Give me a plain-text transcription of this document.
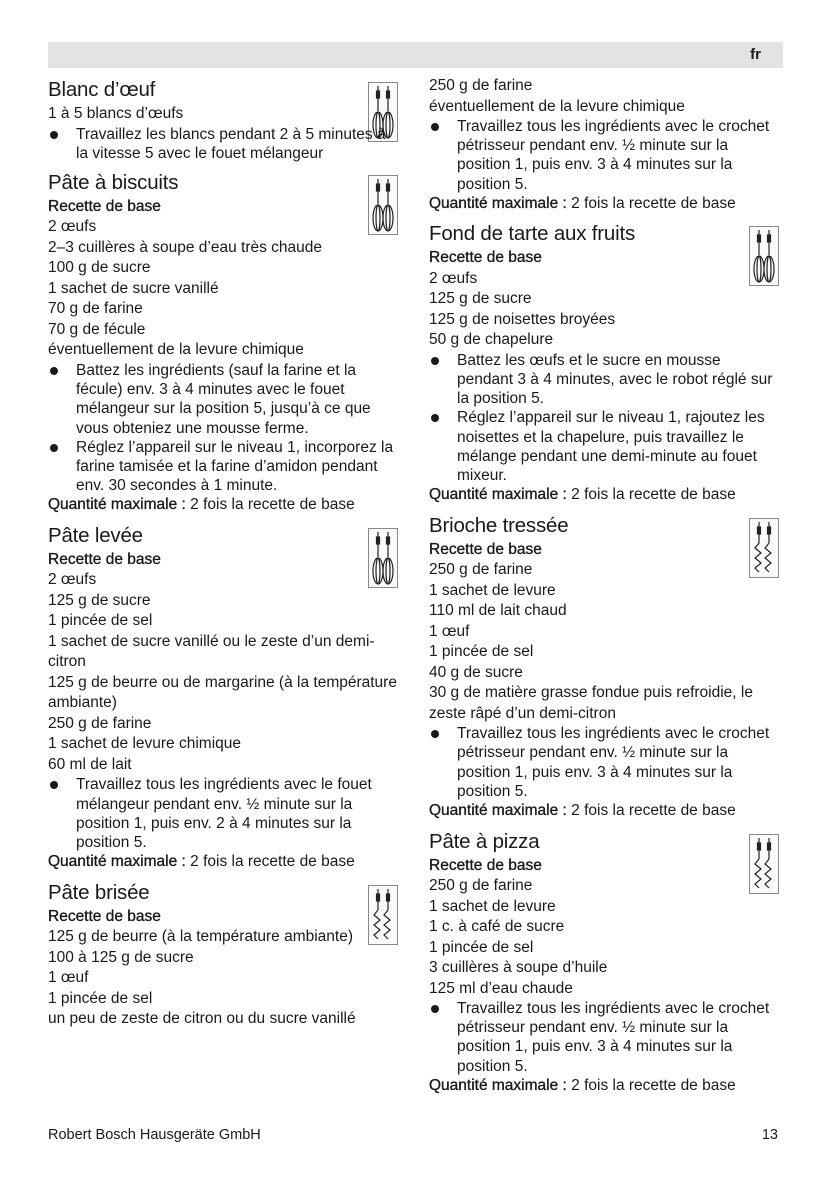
fr
Blanc d’œuf
1 à 5 blancs d’œufs
Travaillez les blancs pendant 2 à 5 minutes à la vitesse 5 avec le fouet mélangeur
Pâte à biscuits
Recette de base
2 œufs
2–3 cuillères à soupe d’eau très chaude
100 g de sucre
1 sachet de sucre vanillé
70 g de farine
70 g de fécule
éventuellement de la levure chimique
Battez les ingrédients (sauf la farine et la fécule) env. 3 à 4 minutes avec le fouet mélangeur sur la position 5, jusqu’à ce que vous obteniez une mousse ferme.
Réglez l’appareil sur le niveau 1, incorporez la farine tamisée et la farine d’amidon pendant env. 30 secondes à 1 minute.
Quantité maximale : 2 fois la recette de base
Pâte levée
Recette de base
2 œufs
125 g de sucre
1 pincée de sel
1 sachet de sucre vanillé ou le zeste d’un demi-citron
125 g de beurre ou de margarine (à la température ambiante)
250 g de farine
1 sachet de levure chimique
60 ml de lait
Travaillez tous les ingrédients avec le fouet mélangeur pendant env. ½ minute sur la position 1, puis env. 2 à 4 minutes sur la position 5.
Quantité maximale : 2 fois la recette de base
Pâte brisée
Recette de base
125 g de beurre (à la température ambiante)
100 à 125 g de sucre
1 œuf
1 pincée de sel
un peu de zeste de citron ou du sucre vanillé
250 g de farine
éventuellement de la levure chimique
Travaillez tous les ingrédients avec le crochet pétrisseur pendant env. ½ minute sur la position 1, puis env. 3 à 4 minutes sur la position 5.
Quantité maximale : 2 fois la recette de base
Fond de tarte aux fruits
Recette de base
2 œufs
125 g de sucre
125 g de noisettes broyées
50 g de chapelure
Battez les œufs et le sucre en mousse pendant 3 à 4 minutes, avec le robot réglé sur la position 5.
Réglez l’appareil sur le niveau 1, rajoutez les noisettes et la chapelure, puis travaillez le mélange pendant une demi-minute au fouet mixeur.
Quantité maximale : 2 fois la recette de base
Brioche tressée
Recette de base
250 g de farine
1 sachet de levure
110 ml de lait chaud
1 œuf
1 pincée de sel
40 g de sucre
30 g de matière grasse fondue puis refroidie, le zeste râpé d’un demi-citron
Travaillez tous les ingrédients avec le crochet pétrisseur pendant env. ½ minute sur la position 1, puis env. 3 à 4 minutes sur la position 5.
Quantité maximale : 2 fois la recette de base
Pâte à pizza
Recette de base
250 g de farine
1 sachet de levure
1 c. à café de sucre
1 pincée de sel
3 cuillères à soupe d’huile
125 ml d’eau chaude
Travaillez tous les ingrédients avec le crochet pétrisseur pendant env. ½ minute sur la position 1, puis env. 3 à 4 minutes sur la position 5.
Quantité maximale : 2 fois la recette de base
Robert Bosch Hausgeräte GmbH	13
